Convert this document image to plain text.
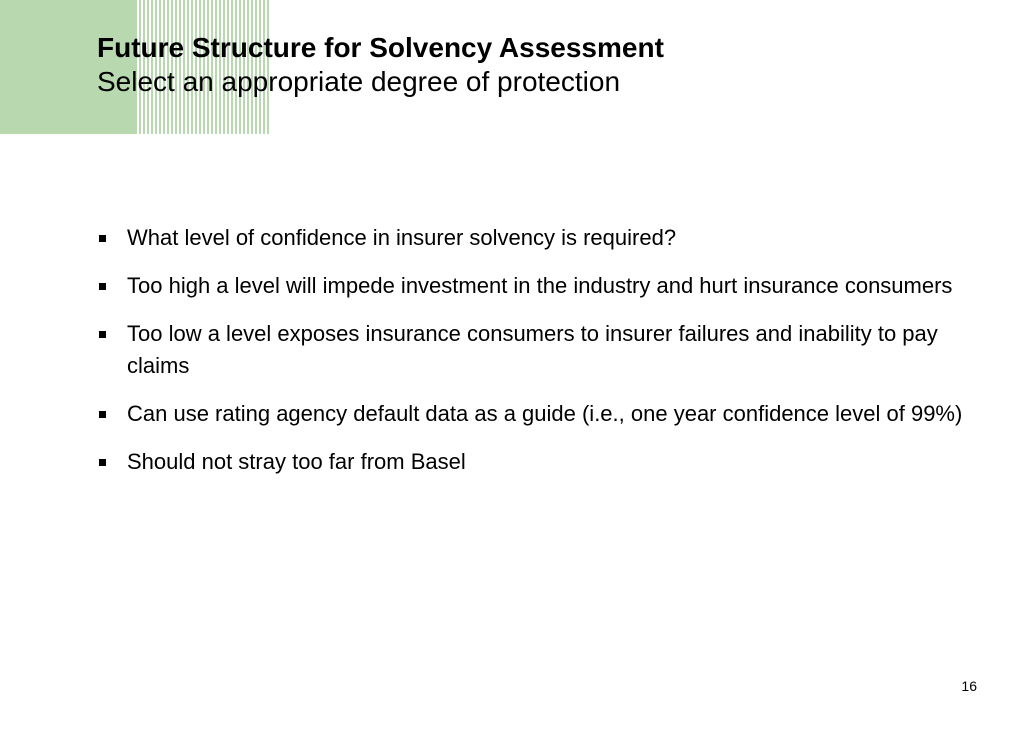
Future Structure for Solvency Assessment
Select an appropriate degree of protection
What level of confidence in insurer solvency is required?
Too high a level will impede investment in the industry and hurt insurance consumers
Too low a level exposes insurance consumers to insurer failures and inability to pay claims
Can use rating agency default data as a guide (i.e., one year confidence level of 99%)
Should not stray too far from Basel
16
